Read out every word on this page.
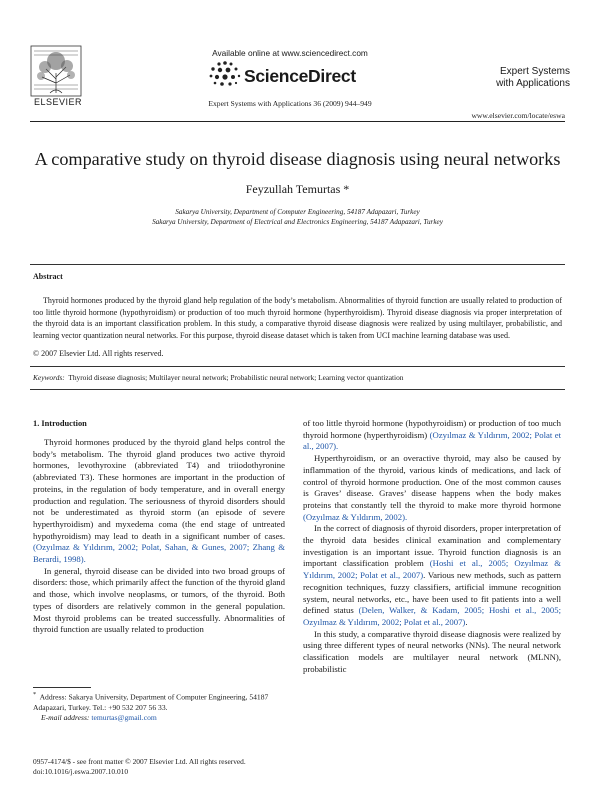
ELSEVIER
Available online at www.sciencedirect.com
ScienceDirect
Expert Systems with Applications 36 (2009) 944–949
Expert Systems
with Applications
www.elsevier.com/locate/eswa
A comparative study on thyroid disease diagnosis using neural networks
Feyzullah Temurtas *
Sakarya University, Department of Computer Engineering, 54187 Adapazari, Turkey
Sakarya University, Department of Electrical and Electronics Engineering, 54187 Adapazari, Turkey
Abstract

Thyroid hormones produced by the thyroid gland help regulation of the body’s metabolism. Abnormalities of thyroid function are usually related to production of too little thyroid hormone (hypothyroidism) or production of too much thyroid hormone (hyperthyroidism). Thyroid disease diagnosis via proper interpretation of the thyroid data is an important classification problem. In this study, a comparative thyroid disease diagnosis were realized by using multilayer, probabilistic, and learning vector quantization neural networks. For this purpose, thyroid disease dataset which is taken from UCI machine learning database was used.

© 2007 Elsevier Ltd. All rights reserved.
Keywords: Thyroid disease diagnosis; Multilayer neural network; Probabilistic neural network; Learning vector quantization
1. Introduction

Thyroid hormones produced by the thyroid gland helps control the body’s metabolism. The thyroid gland produces two active thyroid hormones, levothyroxine (abbreviated T4) and triiodothyronine (abbreviated T3). These hormones are important in the production of proteins, in the regulation of body temperature, and in overall energy production and regulation. The seriousness of thyroid disorders should not be underestimated as thyroid storm (an episode of severe hyperthyroidism) and myxedema coma (the end stage of untreated hypothyroidism) may lead to death in a significant number of cases. (Ozyılmaz & Yıldırım, 2002; Polat, Sahan, & Gunes, 2007; Zhang & Berardi, 1998).

In general, thyroid disease can be divided into two broad groups of disorders: those, which primarily affect the function of the thyroid gland and those, which involve neoplasms, or tumors, of the thyroid. Both types of disorders are relatively common in the general population. Most thyroid problems can be treated successfully. Abnormalities of thyroid function are usually related to production

of too little thyroid hormone (hypothyroidism) or production of too much thyroid hormone (hyperthyroidism) (Ozyılmaz & Yıldırım, 2002; Polat et al., 2007).

Hyperthyroidism, or an overactive thyroid, may also be caused by inflammation of the thyroid, various kinds of medications, and lack of control of thyroid hormone production. One of the most common causes is Graves’ disease. Graves’ disease happens when the body makes proteins that constantly tell the thyroid to make more thyroid hormone (Ozyılmaz & Yıldırım, 2002).

In the correct of diagnosis of thyroid disorders, proper interpretation of the thyroid data besides clinical examination and complementary investigation is an important issue. Thyroid function diagnosis is an important classification problem (Hoshi et al., 2005; Ozyılmaz & Yıldırım, 2002; Polat et al., 2007). Various new methods, such as pattern recognition techniques, fuzzy classifiers, artificial immune recognition system, neural networks, etc., have been used to fit patients into a well defined status (Delen, Walker, & Kadam, 2005; Hoshi et al., 2005; Ozyılmaz & Yıldırım, 2002; Polat et al., 2007).

In this study, a comparative thyroid disease diagnosis were realized by using three different types of neural networks (NNs). The neural network classification models are multilayer neural network (MLNN), probabilistic

* Address: Sakarya University, Department of Computer Engineering, 54187 Adapazari, Turkey. Tel.: +90 532 207 56 33.
E-mail address: temurtas@gmail.com
0957-4174/$ - see front matter © 2007 Elsevier Ltd. All rights reserved.
doi:10.1016/j.eswa.2007.10.010
